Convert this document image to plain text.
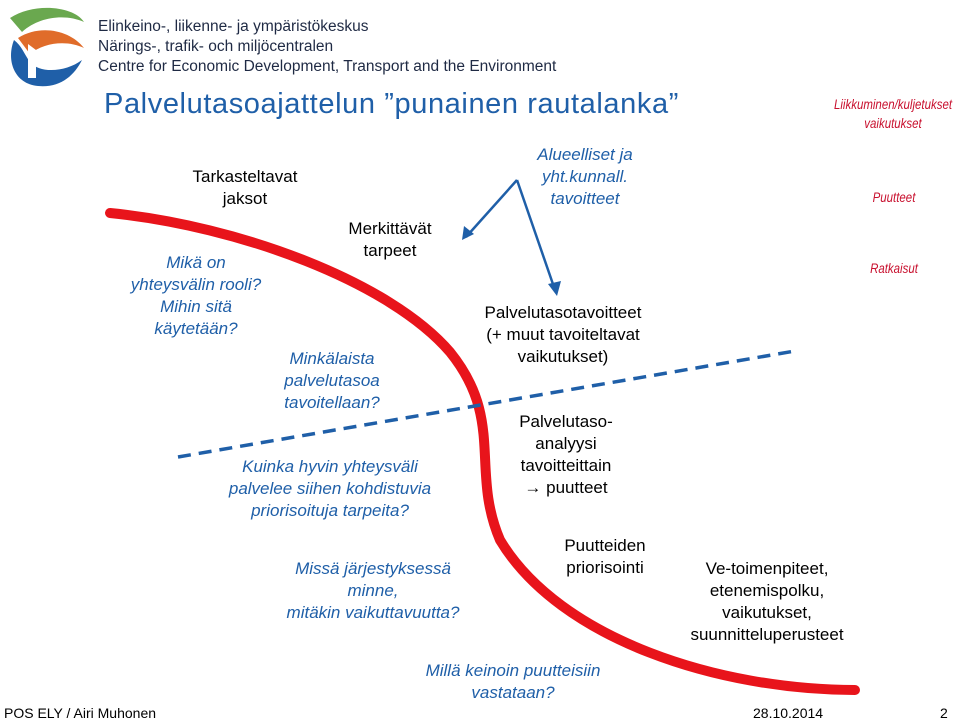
Elinkeino-, liikenne- ja ympäristökeskus
Närings-, trafik- och miljöcentralen
Centre for Economic Development, Transport and the Environment
Palvelutasoajattelun ”punainen rautalanka”	Liikkuminen/kuljetukset
vaikutukset
Puutteet
Ratkaisut
Tarkasteltavat
jaksot
Merkittävät
tarpeet
Palvelutasotavoitteet
(+ muut tavoiteltavat
vaikutukset)
Palvelutaso-
analyysi
tavoitteittain
→ puutteet
Puutteiden
priorisointi	Ve-toimenpiteet,
etenemispolku,
vaikutukset,
suunnitteluperusteet
Alueelliset ja
yht.kunnall.
tavoitteet
Mikä on
yhteysvälin rooli?
Mihin sitä
käytetään?
Minkälaista
palvelutasoa
tavoitellaan?
Kuinka hyvin yhteysväli
palvelee siihen kohdistuvia
priorisoituja tarpeita?
Missä järjestyksessä
minne,
mitäkin vaikuttavuutta?
Millä keinoin puutteisiin
vastataan?
POS ELY / Airi Muhonen	28.10.2014	2
